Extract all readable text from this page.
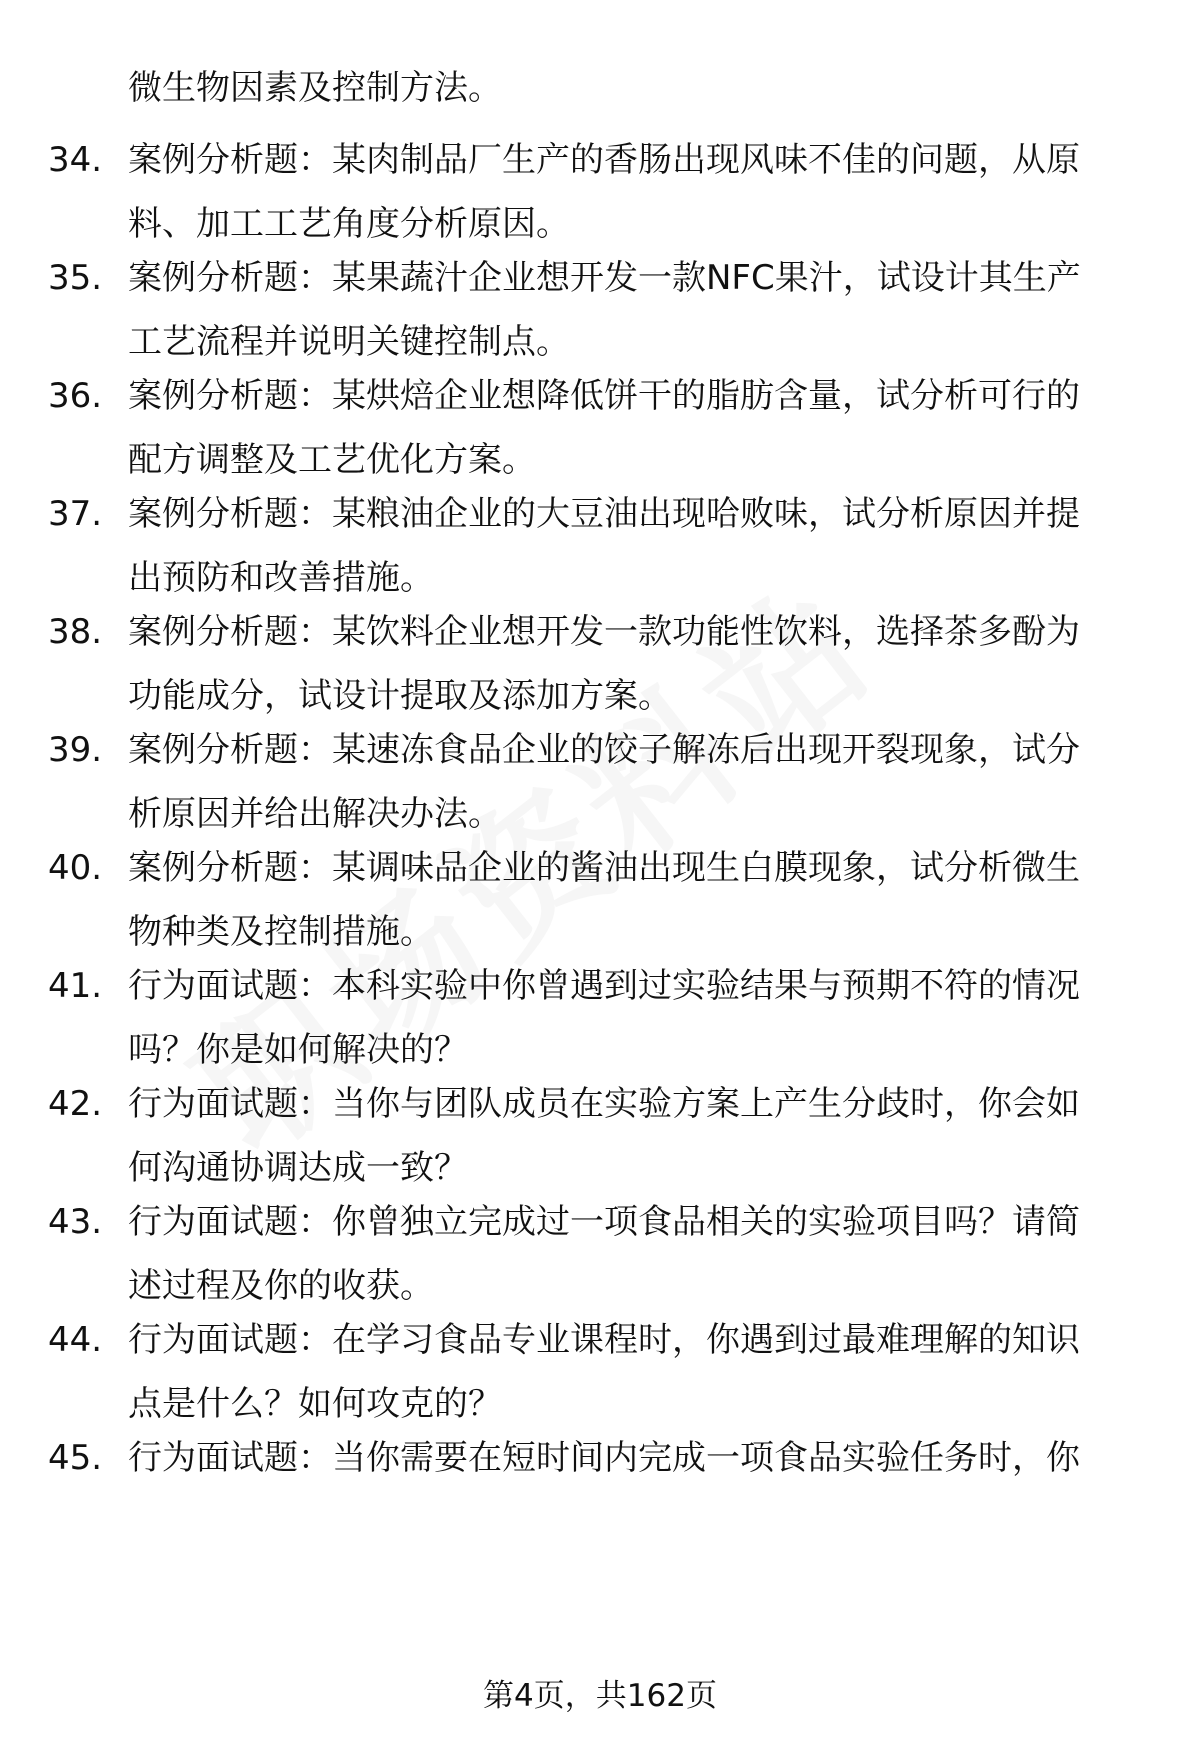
微生物因素及控制方法。
34. 案例分析题：某肉制品厂生产的香肠出现风味不佳的问题，从原
料、加工工艺角度分析原因。
35. 案例分析题：某果蔬汁企业想开发一款NFC果汁，试设计其生产
工艺流程并说明关键控制点。
36. 案例分析题：某烘焙企业想降低饼干的脂肪含量，试分析可行的
配方调整及工艺优化方案。
37. 案例分析题：某粮油企业的大豆油出现哈败味，试分析原因并提
出预防和改善措施。
38. 案例分析题：某饮料企业想开发一款功能性饮料，选择茶多酚为
功能成分，试设计提取及添加方案。
39. 案例分析题：某速冻食品企业的饺子解冻后出现开裂现象，试分
析原因并给出解决办法。
40. 案例分析题：某调味品企业的酱油出现生白膜现象，试分析微生
物种类及控制措施。
41. 行为面试题：本科实验中你曾遇到过实验结果与预期不符的情况
吗？你是如何解决的？
42. 行为面试题：当你与团队成员在实验方案上产生分歧时，你会如
何沟通协调达成一致？
43. 行为面试题：你曾独立完成过一项食品相关的实验项目吗？请简
述过程及你的收获。
44. 行为面试题：在学习食品专业课程时，你遇到过最难理解的知识
点是什么？如何攻克的？
45. 行为面试题：当你需要在短时间内完成一项食品实验任务时，你
第4页，共162页
